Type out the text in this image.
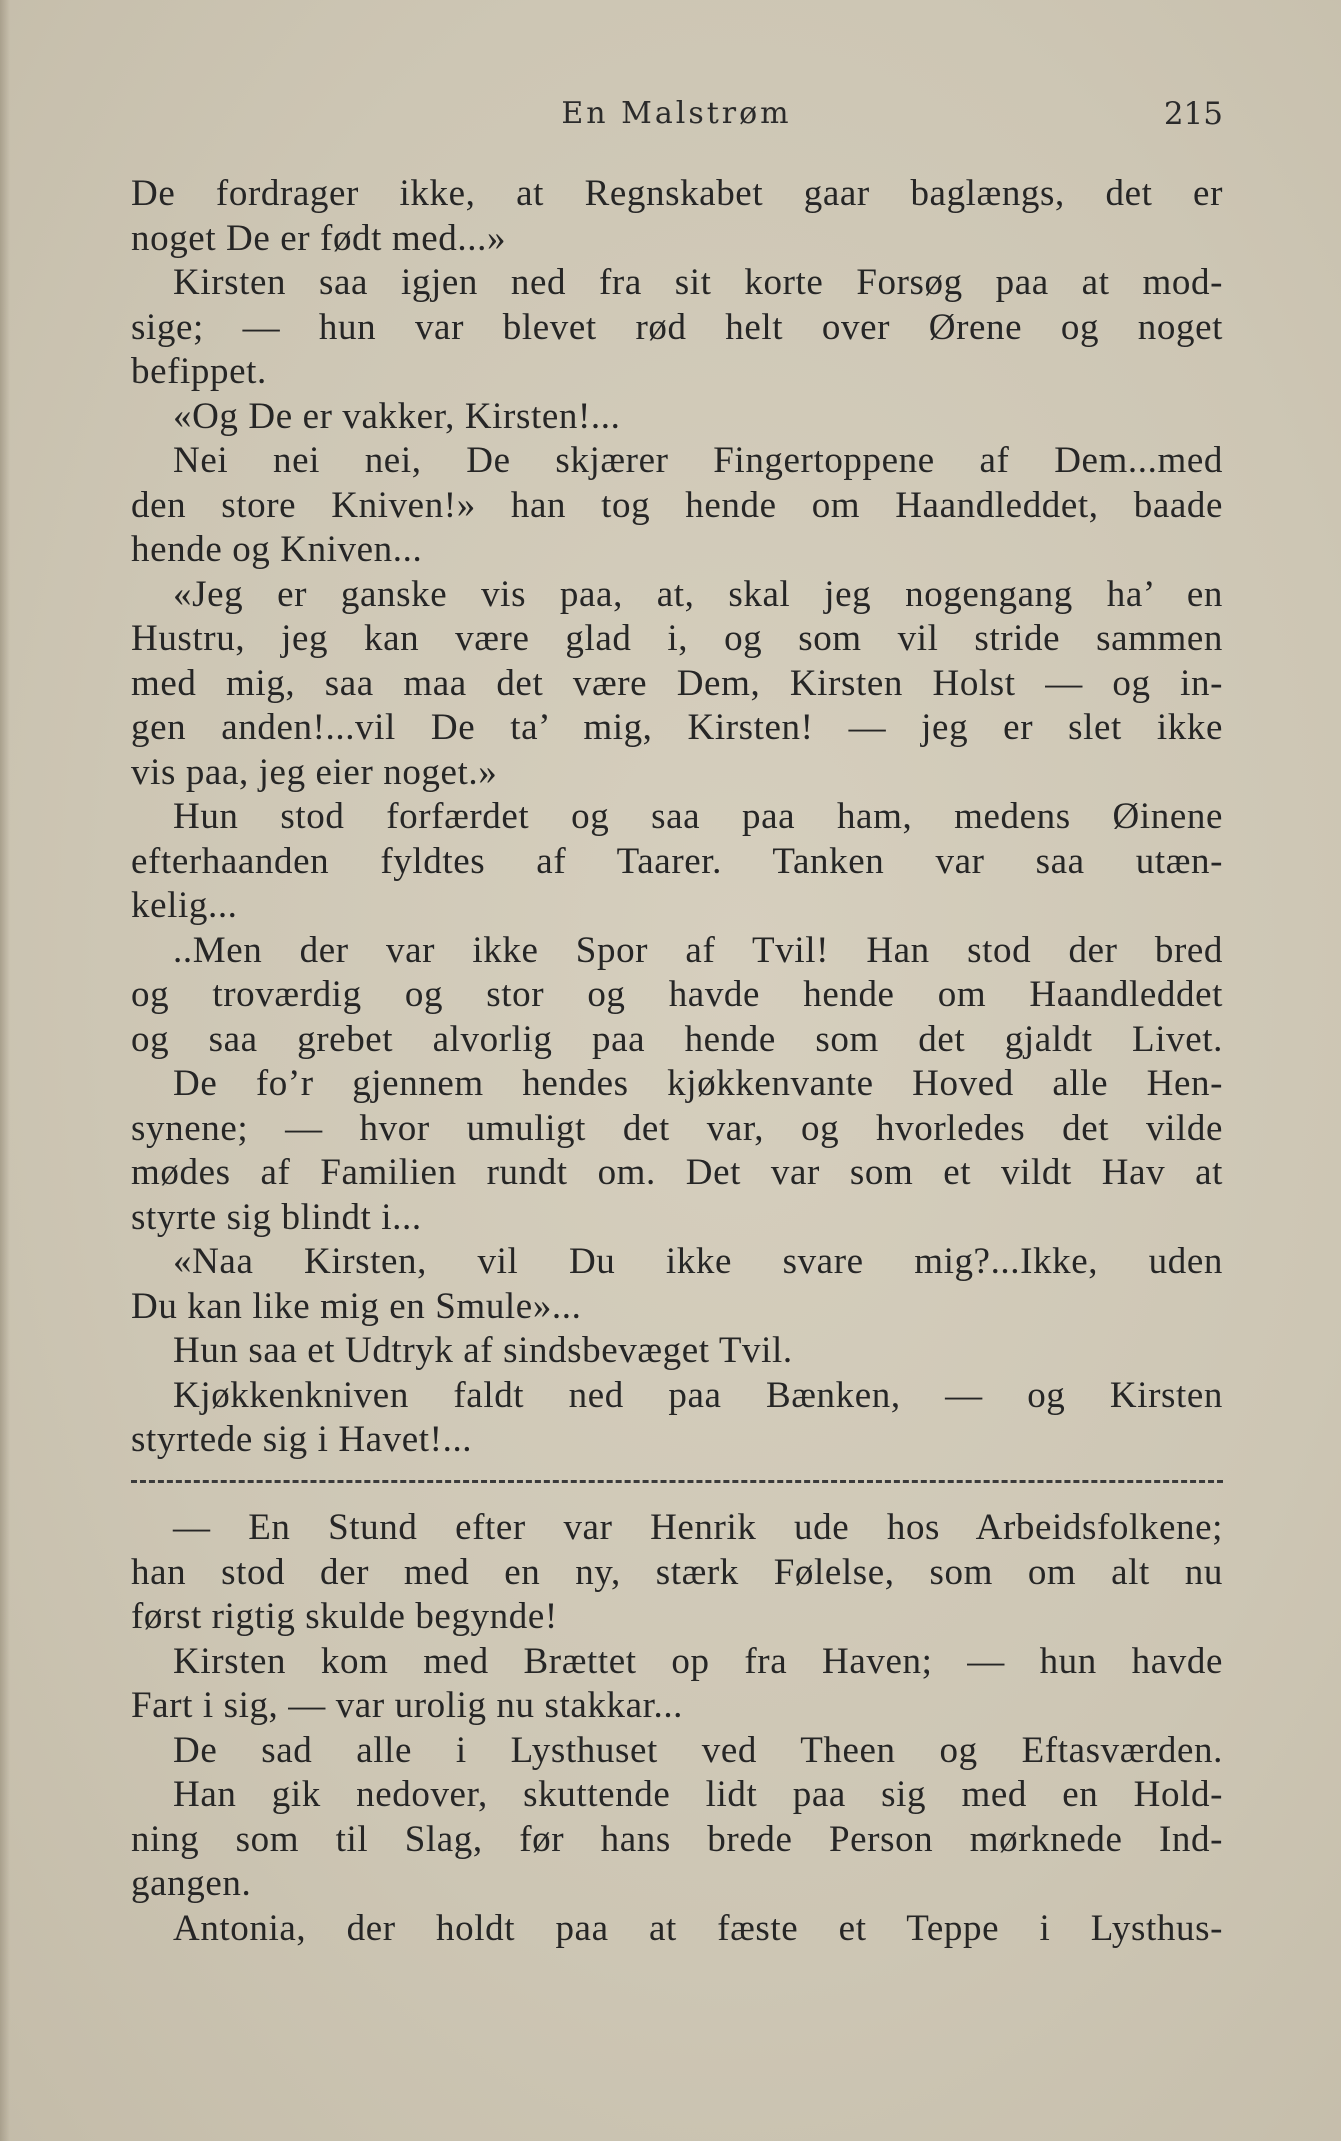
En Malstrøm	215
De fordrager ikke, at Regnskabet gaar baglængs, det er
noget De er født med...»
Kirsten saa igjen ned fra sit korte Forsøg paa at mod-
sige; — hun var blevet rød helt over Ørene og noget
befippet.
«Og De er vakker, Kirsten!...
Nei nei nei, De skjærer Fingertoppene af Dem...med
den store Kniven!» han tog hende om Haandleddet, baade
hende og Kniven...
«Jeg er ganske vis paa, at, skal jeg nogengang ha’ en
Hustru, jeg kan være glad i, og som vil stride sammen
med mig, saa maa det være Dem, Kirsten Holst — og in-
gen anden!...vil De ta’ mig, Kirsten! — jeg er slet ikke
vis paa, jeg eier noget.»
Hun stod forfærdet og saa paa ham, medens Øinene
efterhaanden fyldtes af Taarer. Tanken var saa utæn-
kelig...
..Men der var ikke Spor af Tvil! Han stod der bred
og troværdig og stor og havde hende om Haandleddet
og saa grebet alvorlig paa hende som det gjaldt Livet.
De fo’r gjennem hendes kjøkkenvante Hoved alle Hen-
synene; — hvor umuligt det var, og hvorledes det vilde
mødes af Familien rundt om. Det var som et vildt Hav at
styrte sig blindt i...
«Naa Kirsten, vil Du ikke svare mig?...Ikke, uden
Du kan like mig en Smule»...
Hun saa et Udtryk af sindsbevæget Tvil.
Kjøkkenkniven faldt ned paa Bænken, — og Kirsten
styrtede sig i Havet!...
— En Stund efter var Henrik ude hos Arbeidsfolkene;
han stod der med en ny, stærk Følelse, som om alt nu
først rigtig skulde begynde!
Kirsten kom med Brættet op fra Haven; — hun havde
Fart i sig, — var urolig nu stakkar...
De sad alle i Lysthuset ved Theen og Eftasværden.
Han gik nedover, skuttende lidt paa sig med en Hold-
ning som til Slag, før hans brede Person mørknede Ind-
gangen.
Antonia, der holdt paa at fæste et Teppe i Lysthus-
